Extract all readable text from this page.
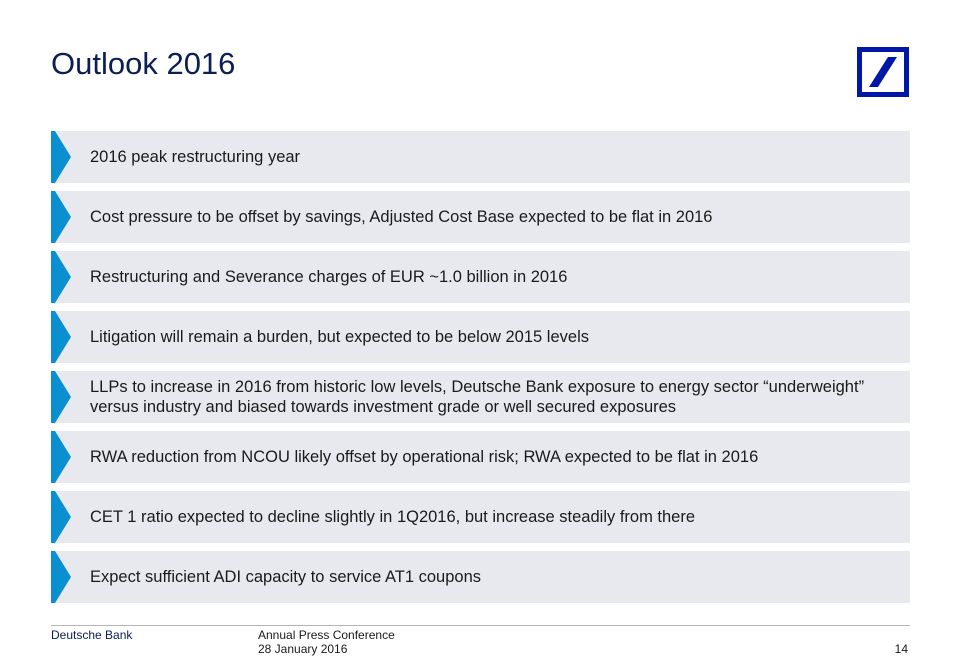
Outlook 2016
2016 peak restructuring year
Cost pressure to be offset by savings, Adjusted Cost Base expected to be flat in 2016
Restructuring and Severance charges of EUR ~1.0 billion in 2016
Litigation will remain a burden, but expected to be below 2015 levels
LLPs to increase in 2016 from historic low levels, Deutsche Bank exposure to energy sector “underweight” versus industry and biased towards investment grade or well secured exposures
RWA reduction from NCOU likely offset by operational risk; RWA expected to be flat in 2016
CET 1 ratio expected to decline slightly in 1Q2016, but increase steadily from there
Expect sufficient ADI capacity to service AT1 coupons
Deutsche Bank	Annual Press Conference
28 January 2016	14
